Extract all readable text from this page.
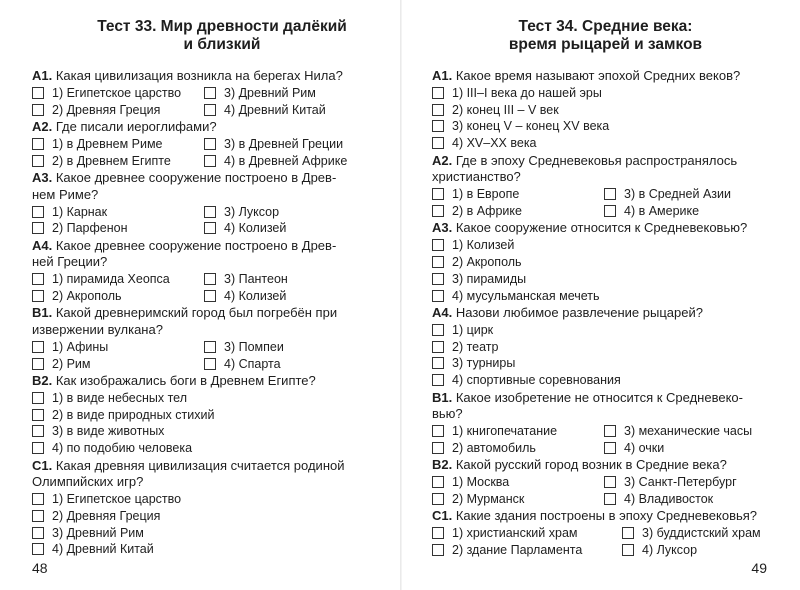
Тест 33. Мир древности далёкий
и близкий

А1. Какая цивилизация возникла на берегах Нила?

1) Египетское царство	3) Древний Рим
2) Древняя Греция	4) Древний Китай

А2. Где писали иероглифами?

1) в Древнем Риме	3) в Древней Греции
2) в Древнем Египте	4) в Древней Африке

А3. Какое древнее сооружение построено в Древ-
нем Риме?

1) Карнак	3) Луксор
2) Парфенон	4) Колизей

А4. Какое древнее сооружение построено в Древ-
ней Греции?

1) пирамида Хеопса	3) Пантеон
2) Акрополь	4) Колизей

В1. Какой древнеримский город был погребён при
извержении вулкана?

1) Афины	3) Помпеи
2) Рим	4) Спарта

В2. Как изображались боги в Древнем Египте?

1) в виде небесных тел
2) в виде природных стихий
3) в виде животных
4) по подобию человека

С1. Какая древняя цивилизация считается родиной
Олимпийских игр?

1) Египетское царство
2) Древняя Греция
3) Древний Рим
4) Древний Китай
48
Тест 34. Средние века:
время рыцарей и замков

А1. Какое время называют эпохой Средних веков?

1) III–I века до нашей эры
2) конец III – V век
3) конец V – конец XV века
4) XV–XX века

А2. Где в эпоху Средневековья распространялось
христианство?

1) в Европе	3) в Средней Азии
2) в Африке	4) в Америке

А3. Какое сооружение относится к Средневековью?

1) Колизей
2) Акрополь
3) пирамиды
4) мусульманская мечеть

А4. Назови любимое развлечение рыцарей?

1) цирк
2) театр
3) турниры
4) спортивные соревнования

В1. Какое изобретение не относится к Средневеко-
вью?

1) книгопечатание	3) механические часы
2) автомобиль	4) очки

В2. Какой русский город возник в Средние века?

1) Москва	3) Санкт-Петербург
2) Мурманск	4) Владивосток

С1. Какие здания построены в эпоху Средневековья?

1) христианский храм	3) буддистский храм
2) здание Парламента	4) Луксор
49
